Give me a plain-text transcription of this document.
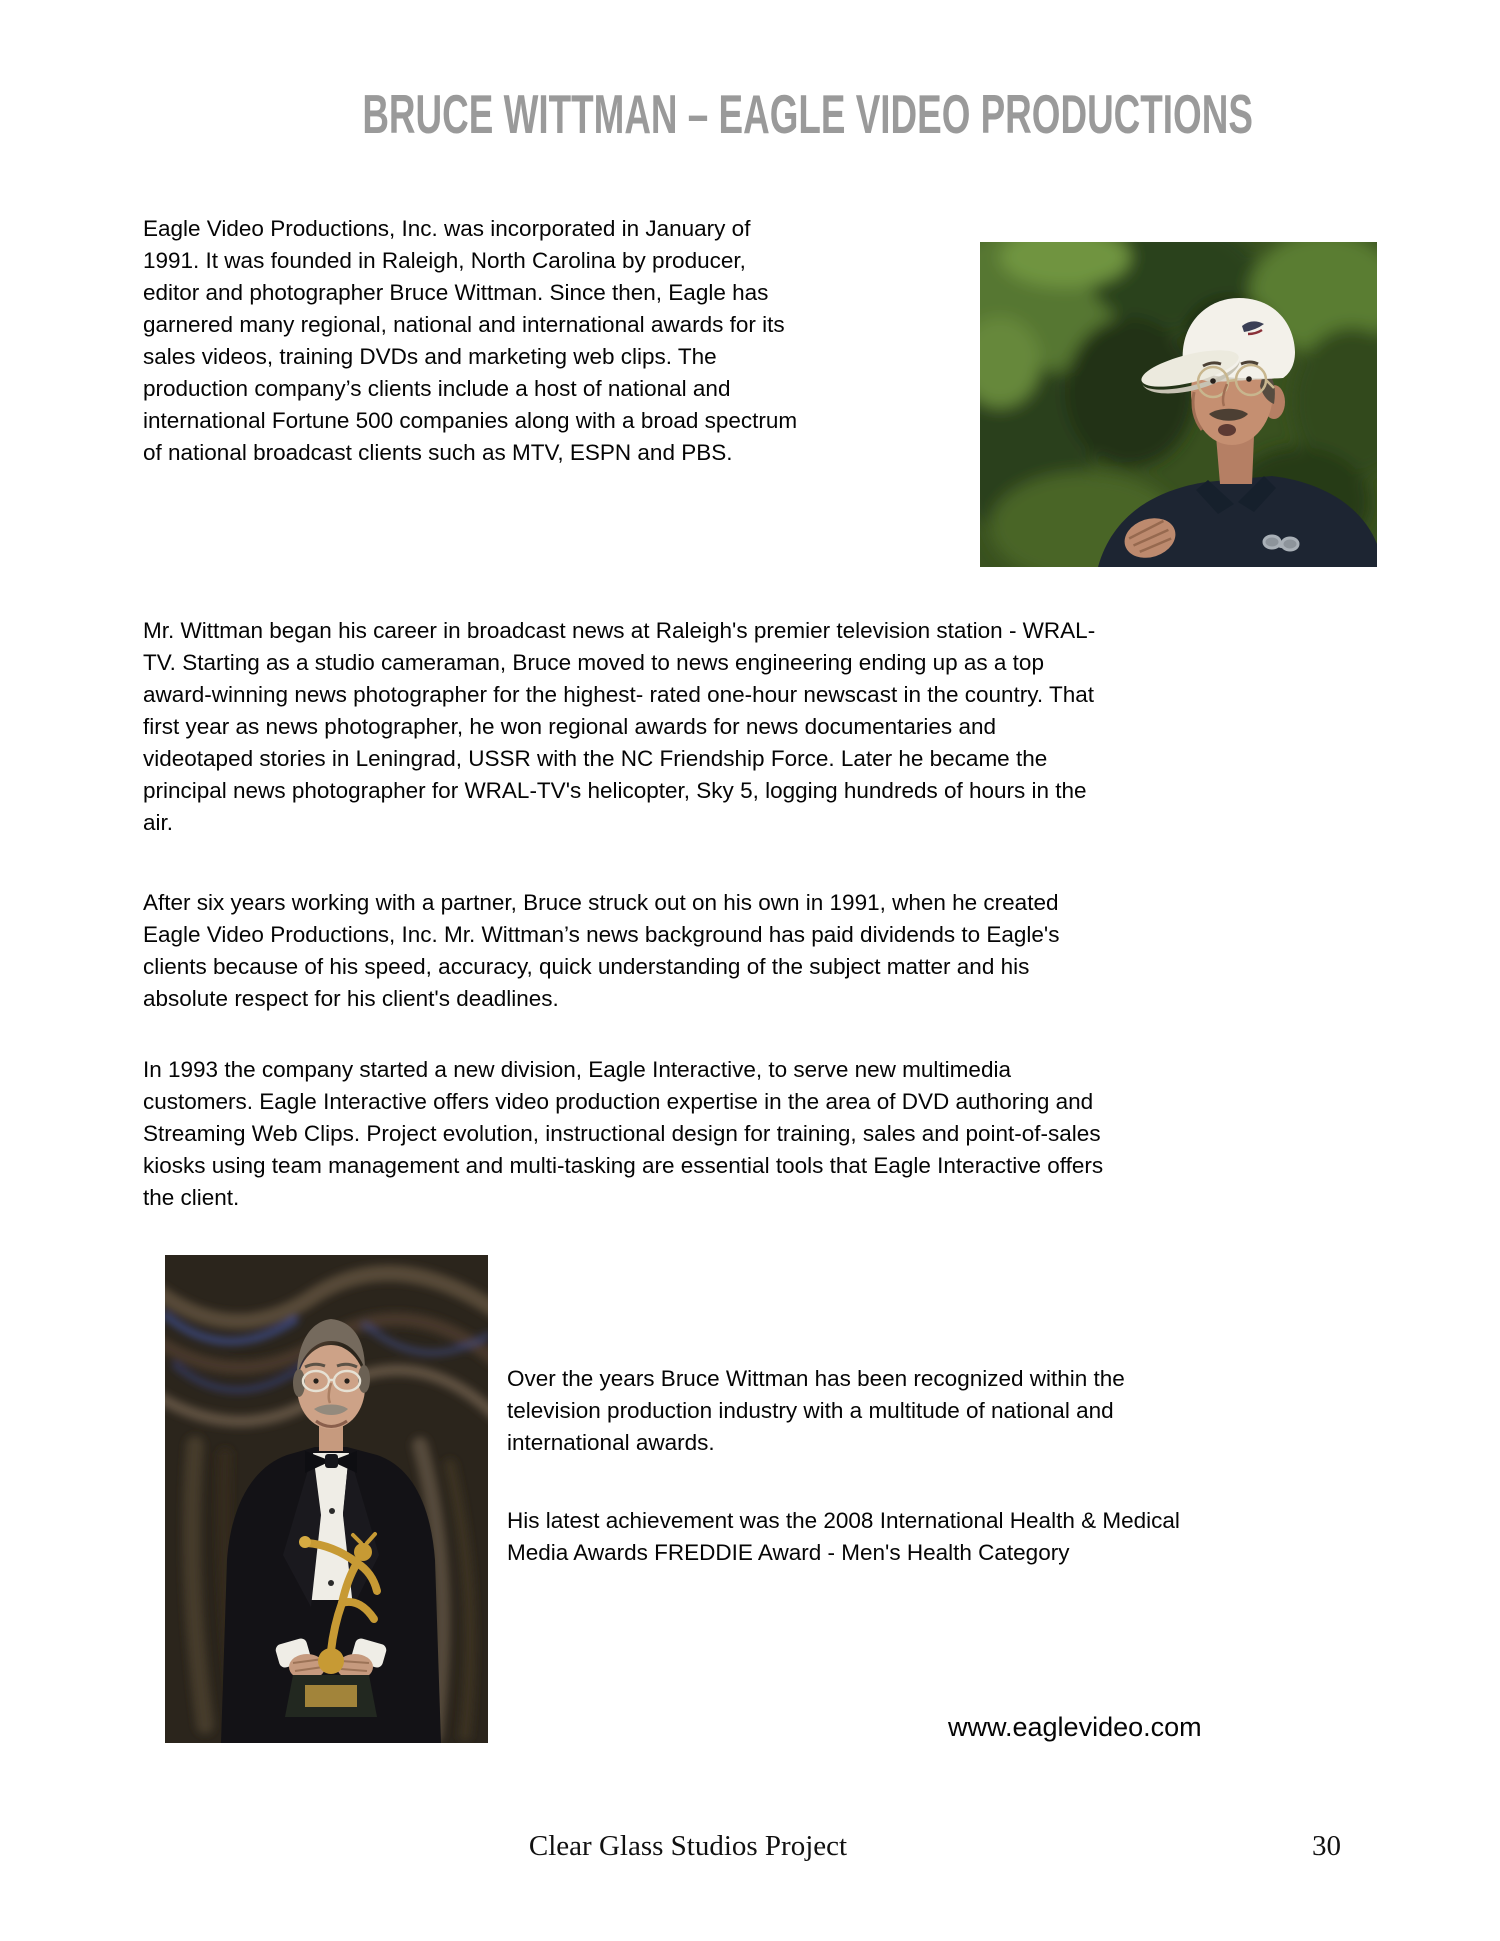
BRUCE WITTMAN – EAGLE VIDEO PRODUCTIONS

Eagle Video Productions, Inc. was incorporated in January of 1991. It was founded in Raleigh, North Carolina by producer, editor and photographer Bruce Wittman. Since then, Eagle has garnered many regional, national and international awards for its sales videos, training DVDs and marketing web clips. The production company’s clients include a host of national and international Fortune 500 companies along with a broad spectrum of national broadcast clients such as MTV, ESPN and PBS.

Mr. Wittman began his career in broadcast news at Raleigh's premier television station - WRAL-TV. Starting as a studio cameraman, Bruce moved to news engineering ending up as a top award-winning news photographer for the highest- rated one-hour newscast in the country. That first year as news photographer, he won regional awards for news documentaries and videotaped stories in Leningrad, USSR with the NC Friendship Force. Later he became the principal news photographer for WRAL-TV's helicopter, Sky 5, logging hundreds of hours in the air.

After six years working with a partner, Bruce struck out on his own in 1991, when he created Eagle Video Productions, Inc. Mr. Wittman’s news background has paid dividends to Eagle's clients because of his speed, accuracy, quick understanding of the subject matter and his absolute respect for his client's deadlines.

In 1993 the company started a new division, Eagle Interactive, to serve new multimedia customers. Eagle Interactive offers video production expertise in the area of DVD authoring and Streaming Web Clips. Project evolution, instructional design for training, sales and point-of-sales kiosks using team management and multi-tasking are essential tools that Eagle Interactive offers the client.

Over the years Bruce Wittman has been recognized within the television production industry with a multitude of national and international awards.

His latest achievement was the 2008 International Health & Medical Media Awards FREDDIE Award - Men's Health Category

www.eaglevideo.com
Clear Glass Studios Project	30
